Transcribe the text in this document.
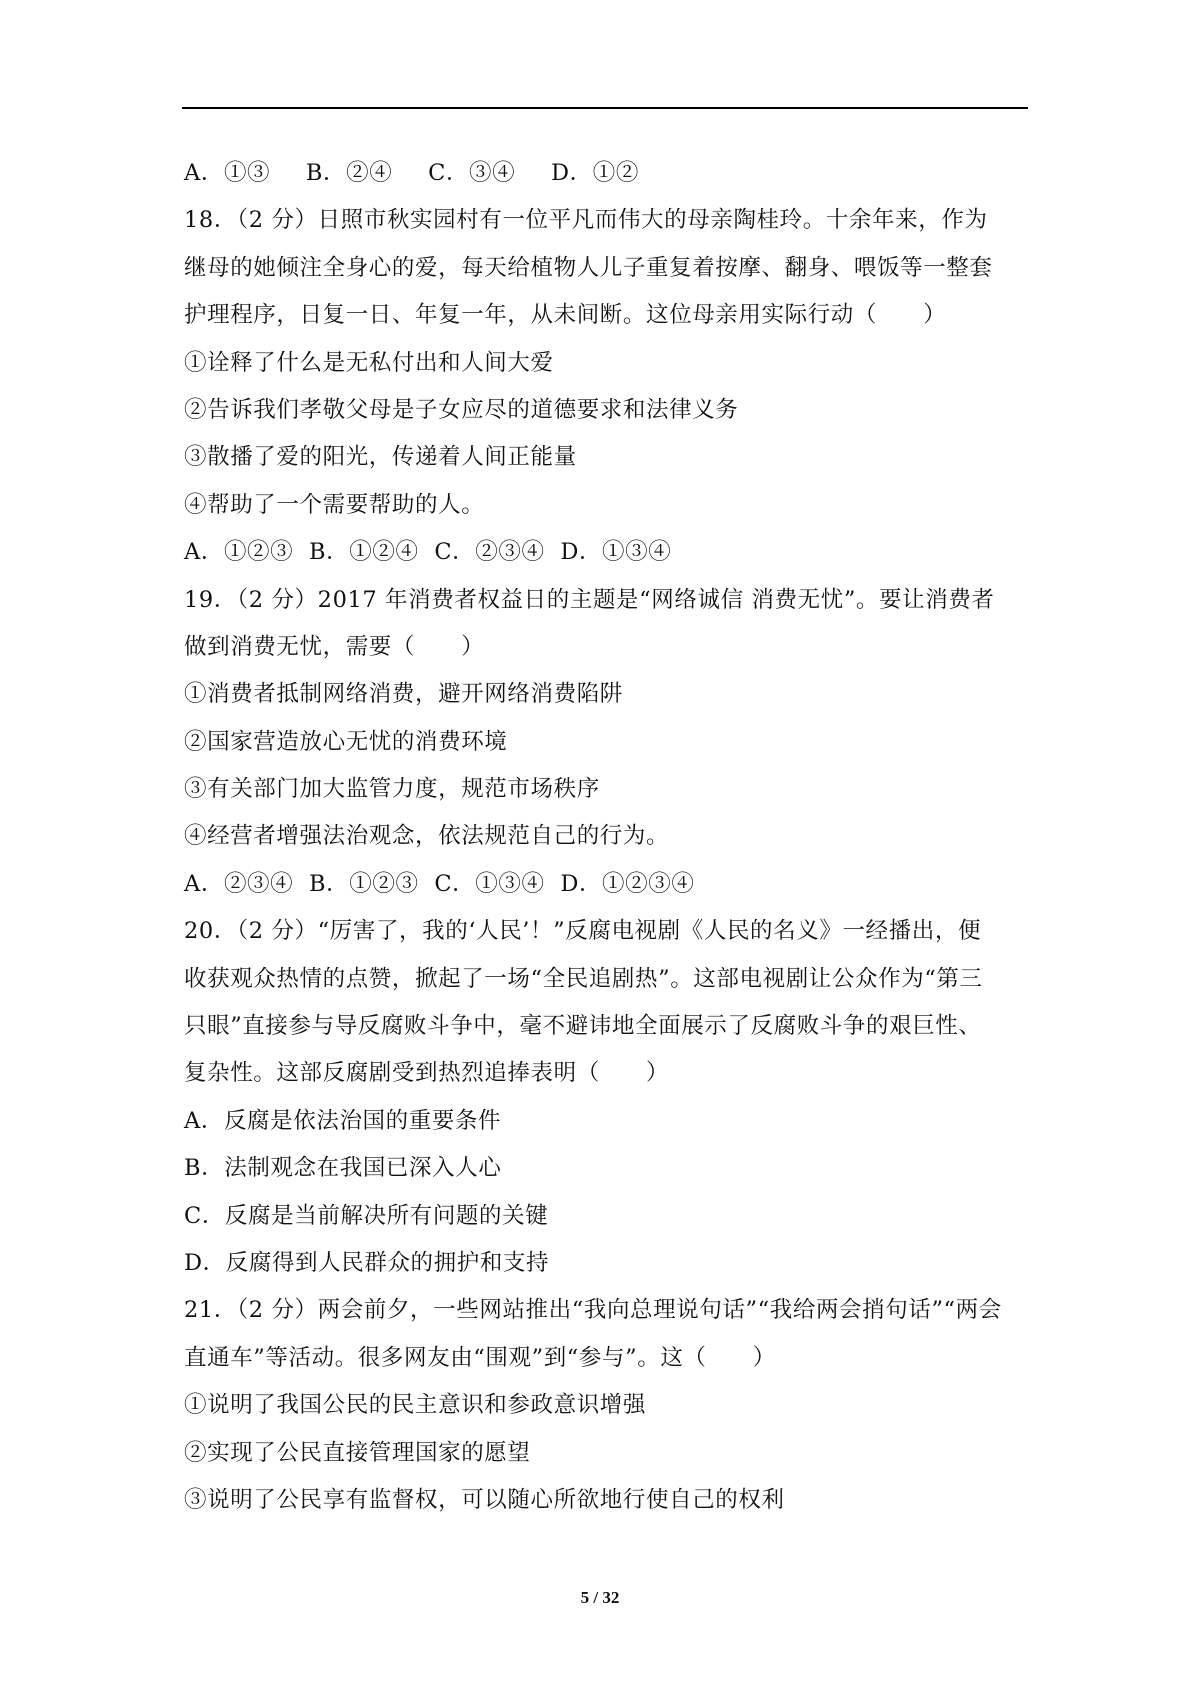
A．①③ B．②④ C．③④ D．①②
18．（2 分）日照市秋实园村有一位平凡而伟大的母亲陶桂玲。十余年来，作为
继母的她倾注全身心的爱，每天给植物人儿子重复着按摩、翻身、喂饭等一整套
护理程序，日复一日、年复一年，从未间断。这位母亲用实际行动（　　）
①诠释了什么是无私付出和人间大爱
②告诉我们孝敬父母是子女应尽的道德要求和法律义务
③散播了爱的阳光，传递着人间正能量
④帮助了一个需要帮助的人。
A．①②③ B．①②④ C．②③④ D．①③④
19．（2 分）2017 年消费者权益日的主题是“网络诚信 消费无忧”。要让消费者
做到消费无忧，需要（　　）
①消费者抵制网络消费，避开网络消费陷阱
②国家营造放心无忧的消费环境
③有关部门加大监管力度，规范市场秩序
④经营者增强法治观念，依法规范自己的行为。
A．②③④ B．①②③ C．①③④ D．①②③④
20．（2 分）“厉害了，我的‘人民’！”反腐电视剧《人民的名义》一经播出，便
收获观众热情的点赞，掀起了一场“全民追剧热”。这部电视剧让公众作为“第三
只眼”直接参与导反腐败斗争中，毫不避讳地全面展示了反腐败斗争的艰巨性、
复杂性。这部反腐剧受到热烈追捧表明（　　）
A．反腐是依法治国的重要条件
B．法制观念在我国已深入人心
C．反腐是当前解决所有问题的关键
D．反腐得到人民群众的拥护和支持
21．（2 分）两会前夕，一些网站推出“我向总理说句话”“我给两会捎句话”“两会
直通车”等活动。很多网友由“围观”到“参与”。这（　　）
①说明了我国公民的民主意识和参政意识增强
②实现了公民直接管理国家的愿望
③说明了公民享有监督权，可以随心所欲地行使自己的权利
5 / 32
